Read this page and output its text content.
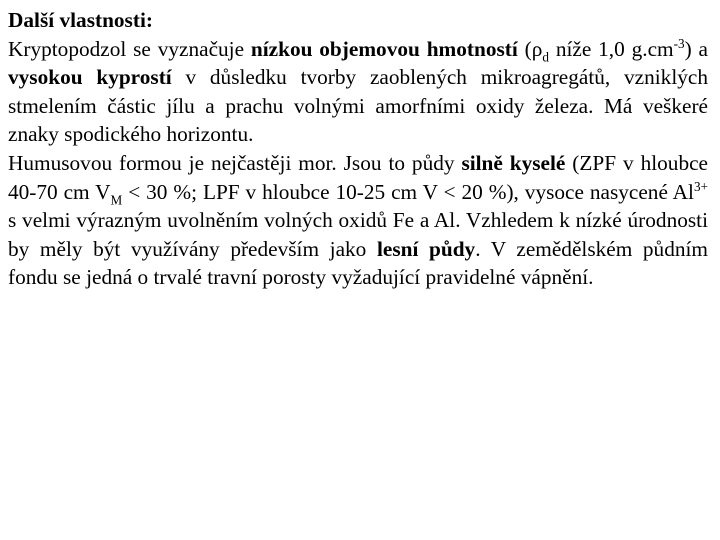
Další vlastnosti:

Kryptopodzol se vyznačuje nízkou objemovou hmotností ($\rho_d$ níže 1,0 $g.cm^{-3}$) a vysokou kyprostí v důsledku tvorby zaoblených mikroagregátů, vzniklých stmelením částic jílu a prachu volnými amorfními oxidy železa. Má veškeré znaky spodického horizontu.

Humusovou formou je nejčastěji mor. Jsou to půdy silně kyselé (ZPF v hloubce 40-70 cm $V_M < 30$ %; LPF v hloubce 10-25 cm V < 20 %), vysoce nasycené $Al^{3+}$ s velmi výrazným uvolněním volných oxidů Fe a Al. Vzhledem k nízké úrodnosti by měly být využívány především jako lesní půdy. V zemědělském půdním fondu se jedná o trvalé travní porosty vyžadující pravidelné vápnění.
